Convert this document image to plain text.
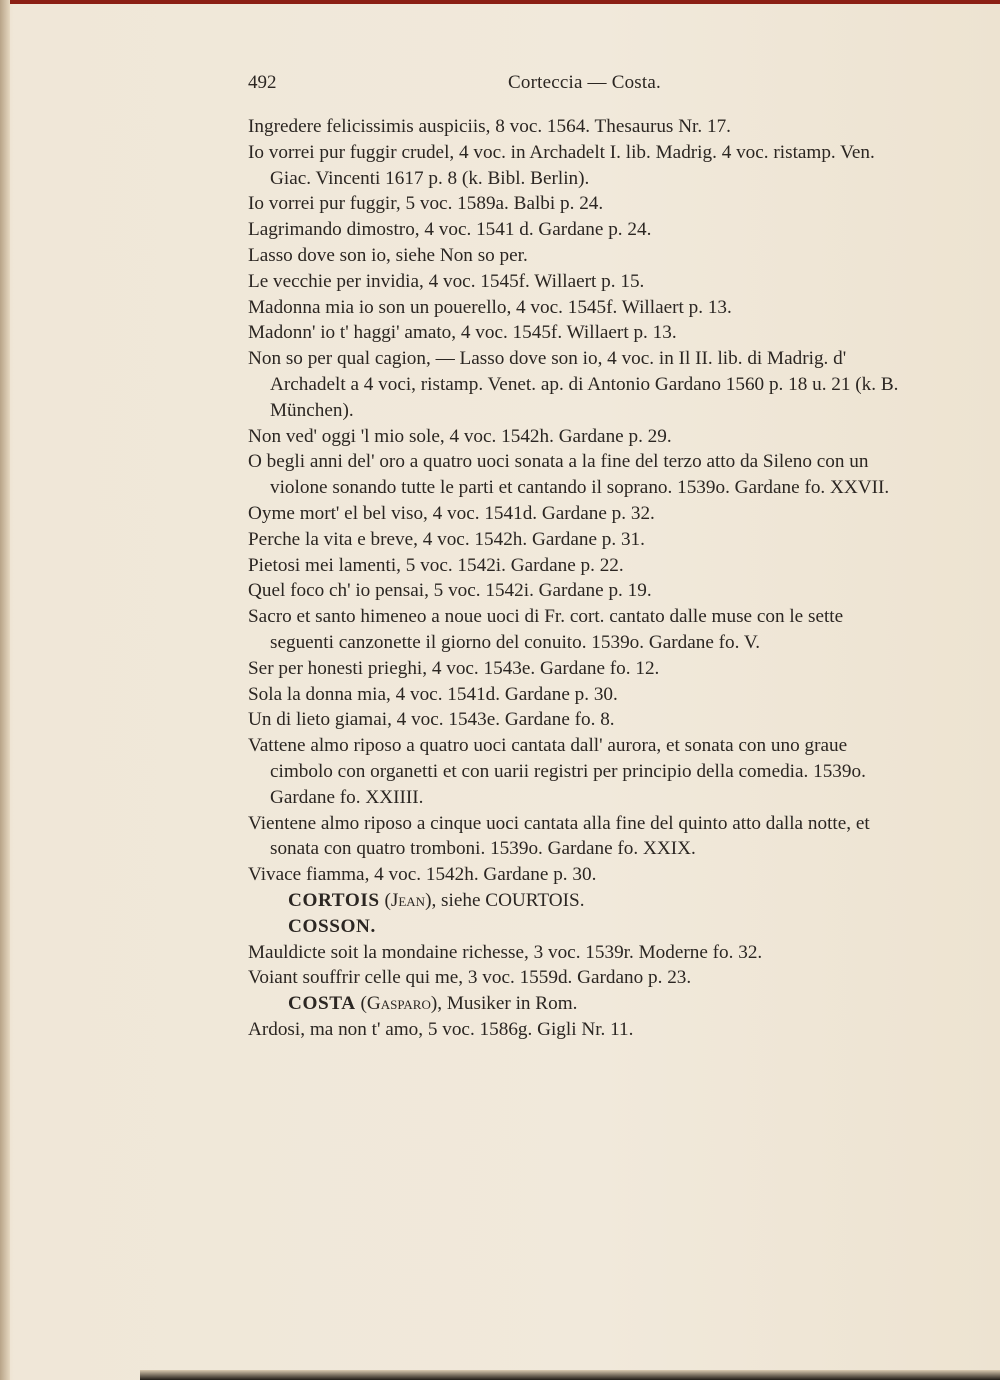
492	Corteccia — Costa.
Ingredere felicissimis auspiciis, 8 voc. 1564. Thesaurus Nr. 17.
Io vorrei pur fuggir crudel, 4 voc. in Archadelt I. lib. Madrig. 4 voc. ristamp. Ven. Giac. Vincenti 1617 p. 8 (k. Bibl. Berlin).
Io vorrei pur fuggir, 5 voc. 1589a. Balbi p. 24.
Lagrimando dimostro, 4 voc. 1541 d. Gardane p. 24.
Lasso dove son io, siehe Non so per.
Le vecchie per invidia, 4 voc. 1545f. Willaert p. 15.
Madonna mia io son un pouerello, 4 voc. 1545f. Willaert p. 13.
Madonn' io t' haggi' amato, 4 voc. 1545f. Willaert p. 13.
Non so per qual cagion, — Lasso dove son io, 4 voc. in Il II. lib. di Madrig. d' Archadelt a 4 voci, ristamp. Venet. ap. di Antonio Gardano 1560 p. 18 u. 21 (k. B. München).
Non ved' oggi 'l mio sole, 4 voc. 1542h. Gardane p. 29.
O begli anni del' oro a quatro uoci sonata a la fine del terzo atto da Sileno con un violone sonando tutte le parti et cantando il soprano. 1539o. Gardane fo. XXVII.
Oyme mort' el bel viso, 4 voc. 1541d. Gardane p. 32.
Perche la vita e breve, 4 voc. 1542h. Gardane p. 31.
Pietosi mei lamenti, 5 voc. 1542i. Gardane p. 22.
Quel foco ch' io pensai, 5 voc. 1542i. Gardane p. 19.
Sacro et santo himeneo a noue uoci di Fr. cort. cantato dalle muse con le sette seguenti canzonette il giorno del conuito. 1539o. Gardane fo. V.
Ser per honesti prieghi, 4 voc. 1543e. Gardane fo. 12.
Sola la donna mia, 4 voc. 1541d. Gardane p. 30.
Un di lieto giamai, 4 voc. 1543e. Gardane fo. 8.
Vattene almo riposo a quatro uoci cantata dall' aurora, et sonata con uno graue cimbolo con organetti et con uarii registri per principio della comedia. 1539o. Gardane fo. XXIIII.
Vientene almo riposo a cinque uoci cantata alla fine del quinto atto dalla notte, et sonata con quatro tromboni. 1539o. Gardane fo. XXIX.
Vivace fiamma, 4 voc. 1542h. Gardane p. 30.
CORTOIS (Jean), siehe COURTOIS.
COSSON.
Mauldicte soit la mondaine richesse, 3 voc. 1539r. Moderne fo. 32.
Voiant souffrir celle qui me, 3 voc. 1559d. Gardano p. 23.
COSTA (Gasparo), Musiker in Rom.
Ardosi, ma non t' amo, 5 voc. 1586g. Gigli Nr. 11.
